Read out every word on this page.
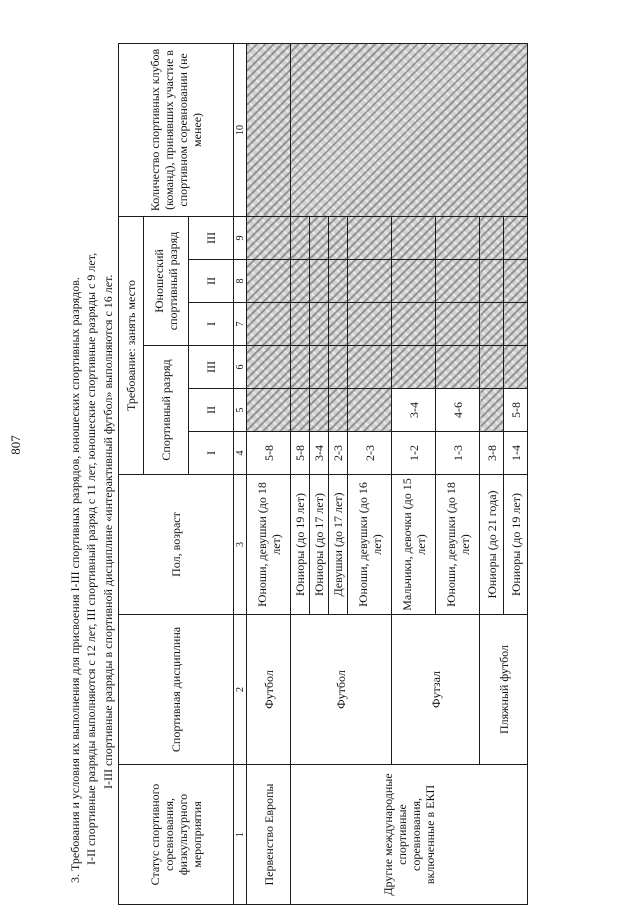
807	3. Требования и условия их выполнения для присвоения I-III спортивных разрядов, юношеских спортивных разрядов. I-II спортивные разряды выполняются с 12 лет, III спортивный разряд с 11 лет, юношеские спортивные разряды с 9 лет, I-III спортивные разряды в спортивной дисциплине «интерактивный футбол» выполняются с 16 лет.
Статус спортивного соревнования, физкультурного мероприятия	Спортивная дисциплина	Пол, возраст	Требование: занять место						Количество спортивных клубов (команд), принявших участие в спортивном соревновании (не менее)
			Спортивный разряд			Юношеский спортивный разряд			
			I	II	III	I	II	III	
1	2	3	4	5	6	7	8	9	10
Первенство Европы	Футбол	Юноши, девушки (до 18 лет)	5-8						
Другие международные спортивные соревнования, включенные в ЕКП	Футбол	Юниоры (до 19 лет)	5-8						
		Юниоры (до 17 лет)	3-4						
		Девушки (до 17 лет)	2-3						
		Юноши, девушки (до 16 лет)	2-3						
	Футзал	Мальчики, девочки (до 15 лет)	1-2	3-4					
		Юноши, девушки (до 18 лет)	1-3	4-6					
	Пляжный футбол	Юниоры (до 21 года)	3-8						
		Юниоры (до 19 лет)	1-4	5-8					
